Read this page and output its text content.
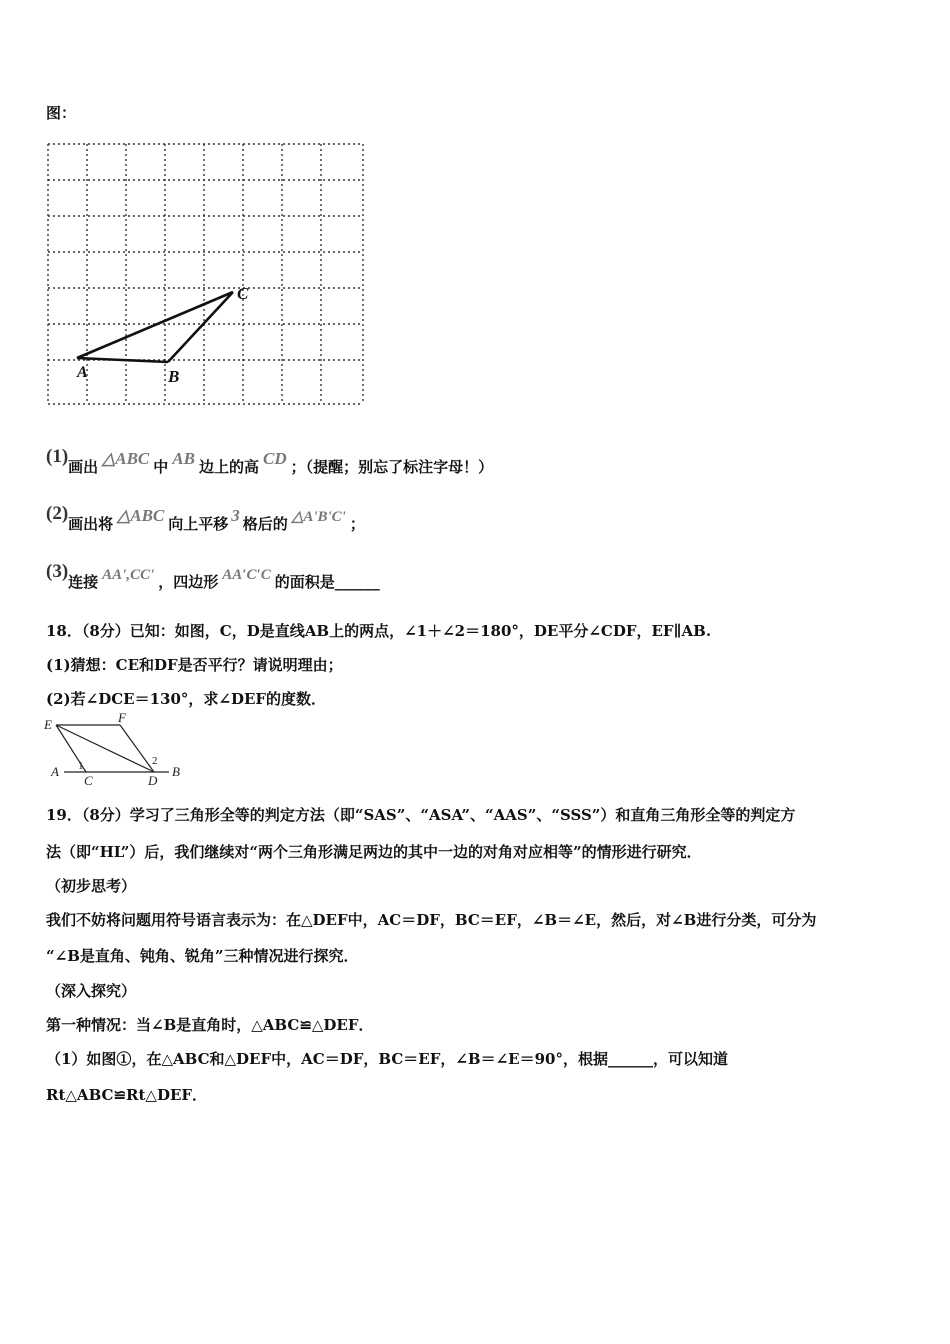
图：
A	B
C
(1)画出 △ABC 中 AB 边上的高 CD ；（提醒；别忘了标注字母！）
(2)画出将 △ABC 向上平移 3 格后的 △A'B'C' ；
(3)连接 AA',CC' ，四边形 AA′C′C 的面积是______
18．（8分）已知：如图，C，D是直线AB上的两点，∠1＋∠2＝180°，DE平分∠CDF，EF∥AB.
(1)猜想：CE和DF是否平行？请说明理由；
(2)若∠DCE＝130°，求∠DEF的度数．
E	F
A 1
C
2
D
B
19．（8分）学习了三角形全等的判定方法（即“SAS”、“ASA”、“AAS”、“SSS”）和直角三角形全等的判定方
法（即“HL”）后，我们继续对“两个三角形满足两边的其中一边的对角对应相等”的情形进行研究．
（初步思考）
我们不妨将问题用符号语言表示为：在△DEF中，AC＝DF，BC＝EF，∠B＝∠E，然后，对∠B进行分类，可分为
“∠B是直角、钝角、锐角”三种情况进行探究．
（深入探究）
第一种情况：当∠B是直角时，△ABC≌△DEF．
（1）如图①，在△ABC和△DEF中，AC＝DF，BC＝EF，∠B＝∠E＝90°，根据______，可以知道
Rt△ABC≌Rt△DEF．
